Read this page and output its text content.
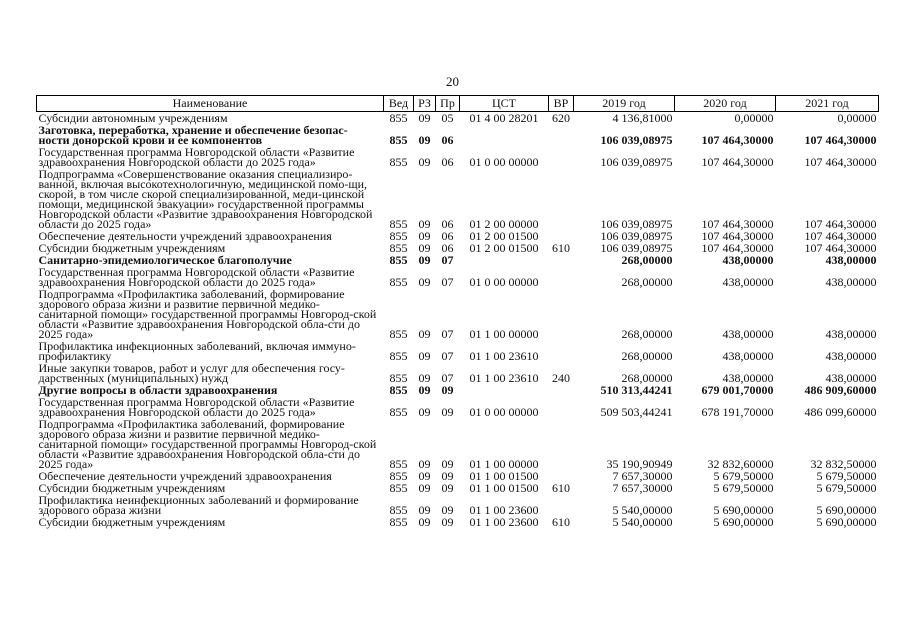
20
Наименование	Вед	РЗ	Пр	ЦСТ	ВР	2019 год	2020 год	2021 год
Субсидии автономным учреждениям	855	09	05	01 4 00 28201	620	4 136,81000	0,00000	0,00000
Заготовка, переработка, хранение и обеспечение безопас-ности донорской крови и ее компонентов	855	09	06			106 039,08975	107 464,30000	107 464,30000
Государственная программа Новгородской области «Развитие здравоохранения Новгородской области до 2025 года»	855	09	06	01 0 00 00000		106 039,08975	107 464,30000	107 464,30000
Подпрограмма «Совершенствование оказания специализиро-ванной, включая высокотехнологичную, медицинской помо-щи, скорой, в том числе скорой специализированной, меди-цинской помощи, медицинской эвакуации» государственной программы Новгородской области «Развитие здравоохранения Новгородской области до 2025 года»	855	09	06	01 2 00 00000		106 039,08975	107 464,30000	107 464,30000
Обеспечение деятельности учреждений здравоохранения	855	09	06	01 2 00 01500		106 039,08975	107 464,30000	107 464,30000
Субсидии бюджетным учреждениям	855	09	06	01 2 00 01500	610	106 039,08975	107 464,30000	107 464,30000
Санитарно-эпидемиологическое благополучие	855	09	07			268,00000	438,00000	438,00000
Государственная программа Новгородской области «Развитие здравоохранения Новгородской области до 2025 года»	855	09	07	01 0 00 00000		268,00000	438,00000	438,00000
Подпрограмма «Профилактика заболеваний, формирование здорового образа жизни и развитие первичной медико-санитарной помощи» государственной программы Новгород-ской области «Развитие здравоохранения Новгородской обла-сти до 2025 года»	855	09	07	01 1 00 00000		268,00000	438,00000	438,00000
Профилактика инфекционных заболеваний, включая иммуно-профилактику	855	09	07	01 1 00 23610		268,00000	438,00000	438,00000
Иные закупки товаров, работ и услуг для обеспечения госу-дарственных (муниципальных) нужд	855	09	07	01 1 00 23610	240	268,00000	438,00000	438,00000
Другие вопросы в области здравоохранения	855	09	09			510 313,44241	679 001,70000	486 909,60000
Государственная программа Новгородской области «Развитие здравоохранения Новгородской области до 2025 года»	855	09	09	01 0 00 00000		509 503,44241	678 191,70000	486 099,60000
Подпрограмма «Профилактика заболеваний, формирование здорового образа жизни и развитие первичной медико-санитарной помощи» государственной программы Новгород-ской области «Развитие здравоохранения Новгородской обла-сти до 2025 года»	855	09	09	01 1 00 00000		35 190,90949	32 832,60000	32 832,50000
Обеспечение деятельности учреждений здравоохранения	855	09	09	01 1 00 01500		7 657,30000	5 679,50000	5 679,50000
Субсидии бюджетным учреждениям	855	09	09	01 1 00 01500	610	7 657,30000	5 679,50000	5 679,50000
Профилактика неинфекционных заболеваний и формирование здорового образа жизни	855	09	09	01 1 00 23600		5 540,00000	5 690,00000	5 690,00000
Субсидии бюджетным учреждениям	855	09	09	01 1 00 23600	610	5 540,00000	5 690,00000	5 690,00000
